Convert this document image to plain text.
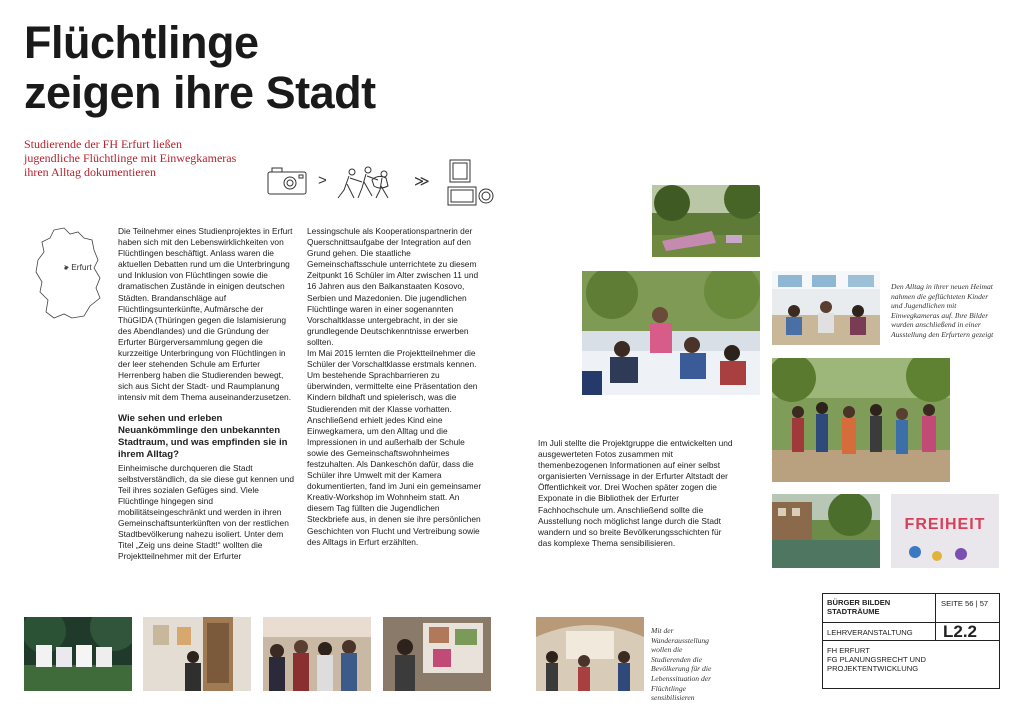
Flüchtlinge
zeigen ihre Stadt
Studierende der FH Erfurt ließen
jugendliche Flüchtlinge mit Einwegkameras
ihren Alltag dokumentieren	>	≫
> Erfurt

Die Teilnehmer eines Studienprojektes in Erfurt haben sich mit den Lebenswirklichkeiten von Flüchtlingen beschäftigt. Anlass waren die aktuellen Debatten rund um die Unterbringung und Inklusion von Flüchtlingen sowie die dramatischen Zustände in einigen deutschen Städten. Brandanschläge auf Flüchtlingsunterkünfte, Aufmärsche der ThüGIDA (Thüringen gegen die Islamisierung des Abendlandes) und die Gründung der Erfurter Bürgerversammlung gegen die kurzzeitige Unterbringung von Flüchtlingen in der leer stehenden Schule am Erfurter Herrenberg haben die Studierenden bewegt, sich aus Sicht der Stadt- und Raumplanung intensiv mit dem Thema auseinanderzusetzen.

Wie sehen und erleben Neuankömmlinge den unbekannten Stadtraum, und was empfinden sie in ihrem Alltag?

Einheimische durchqueren die Stadt selbstverständlich, da sie diese gut kennen und Teil ihres sozialen Gefüges sind. Viele Flüchtlinge hingegen sind mobilitätseingeschränkt und werden in ihren Gemeinschaftsunterkünften von der restlichen Stadtbevölkerung nahezu isoliert. Unter dem Titel „Zeig uns deine Stadt!“ wollten die Projektteilnehmer mit der Erfurter

Lessingschule als Kooperationspartnerin der Querschnittsaufgabe der Integration auf den Grund gehen. Die staatliche Gemeinschaftsschule unterrichtete zu diesem Zeitpunkt 16 Schüler im Alter zwischen 11 und 16 Jahren aus den Balkanstaaten Kosovo, Serbien und Mazedonien. Die jugendlichen Flüchtlinge waren in einer sogenannten Vorschaltklasse untergebracht, in der sie grundlegende Deutschkenntnisse erwerben sollten.

Im Mai 2015 lernten die Projektteilnehmer die Schüler der Vorschaltklasse erstmals kennen. Um bestehende Sprachbarrieren zu überwinden, vermittelte eine Präsentation den Kindern bildhaft und spielerisch, was die Studierenden mit der Klasse vorhatten. Anschließend erhielt jedes Kind eine Einwegkamera, um den Alltag und die Impressionen in und außerhalb der Schule sowie des Gemeinschaftswohnheimes festzuhalten. Als Dankeschön dafür, dass die Schüler ihre Umwelt mit der Kamera dokumentierten, fand im Juni ein gemeinsamer Kreativ-Workshop im Wohnheim statt. An diesem Tag füllten die Jugendlichen Steckbriefe aus, in denen sie ihre persönlichen Geschichten von Flucht und Vertreibung sowie des Alltags in Erfurt erzählten.

Im Juli stellte die Projektgruppe die entwickelten und ausgewerteten Fotos zusammen mit themenbezogenen Informationen auf einer selbst organisierten Vernissage in der Erfurter Altstadt der Öffentlichkeit vor. Drei Wochen später zogen die Exponate in die Bibliothek der Erfurter Fachhochschule um. Anschließend sollte die Ausstellung noch möglichst lange durch die Stadt wandern und so breite Bevölkerungsschichten für das komplexe Thema sensibilisieren.

Den Alltag in ihrer neuen Heimat nahmen die geflüchteten Kinder und Jugendlichen mit Einwegkameras auf. Ihre Bilder wurden anschließend in einer Ausstellung den Erfurtern gezeigt
Mit der Wanderausstellung wollen die Studierenden die Bevölkerung für die Lebenssituation der Flüchtlinge sensibilisieren
FREIHEIT
BÜRGER BILDEN
STADTRÄUME
SEITE 56 | 57
LEHRVERANSTALTUNG L2.2
FH ERFURT
FG PLANUNGSRECHT UND
PROJEKTENTWICKLUNG
